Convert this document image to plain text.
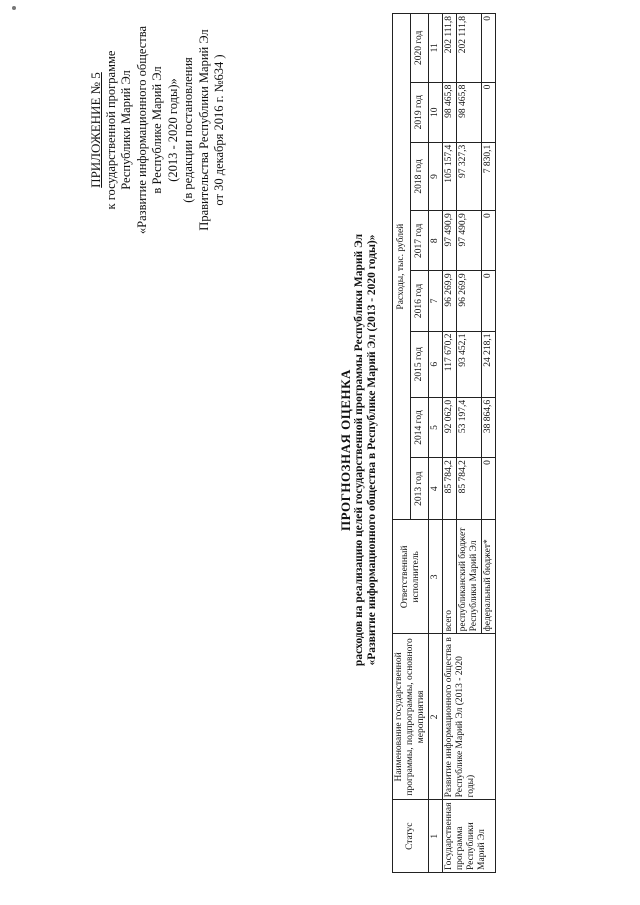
ПРИЛОЖЕНИЕ № 5 к государственной программе Республики Марий Эл «Развитие информационного общества в Республике Марий Эл (2013 - 2020 годы)» (в редакции постановления Правительства Республики Марий Эл от 30 декабря 2016 г. №634 )
ПРОГНОЗНАЯ ОЦЕНКА расходов на реализацию целей государственной программы Республики Марий Эл «Развитие информационного общества в Республике Марий Эл (2013 - 2020 годы)»
Статус	Наименование государственной программы, подпрограммы, основного мероприятия	Ответственный исполнитель	Расходы, тыс. рублей							
			2013 год	2014 год	2015 год	2016 год	2017 год	2018 год	2019 год	2020 год
1	2	3	4	5	6	7	8	9	10	11
Государственная программа Республики Марий Эл	Развитие информационного общества в Республике Марий Эл (2013 - 2020 годы)	всего	85 784,2	92 062,0	117 670,2	96 269,9	97 490,9	105 157,4	98 465,8	202 111,8
		республиканский бюджет Республики Марий Эл	85 784,2	53 197,4	93 452,1	96 269,9	97 490,9	97 327,3	98 465,8	202 111,8
		федеральный бюджет*	0	38 864,6	24 218,1	0	0	7 830,1	0	0
